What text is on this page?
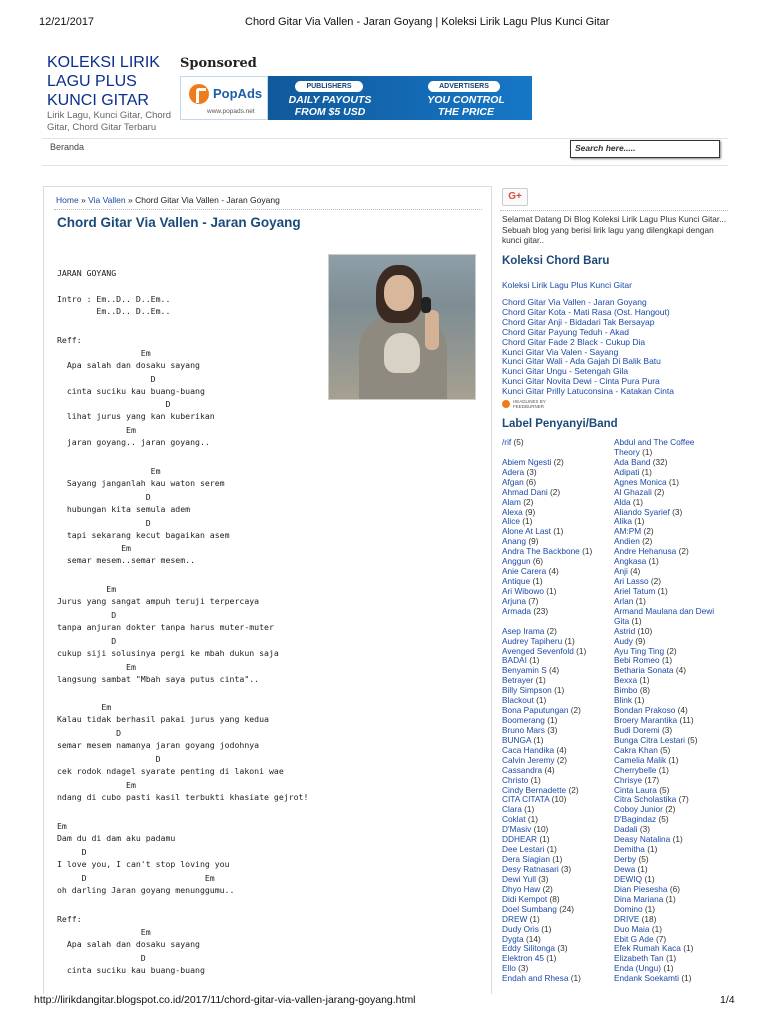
12/21/2017	Chord Gitar Via Vallen - Jaran Goyang | Koleksi Lirik Lagu Plus Kunci Gitar
KOLEKSI LIRIK LAGU PLUS KUNCI GITAR
Lirik Lagu, Kunci Gitar, Chord Gitar, Chord Gitar Terbaru
Sponsored
PopAds
www.popads.net
PUBLISHERS	ADVERTISERS
DAILY PAYOUTS
FROM $5 USD
YOU CONTROL
THE PRICE
Beranda	Search here.....
Home » Via Vallen » Chord Gitar Via Vallen - Jaran Goyang
Chord Gitar Via Vallen - Jaran Goyang
JARAN GOYANG
Intro : Em..D.. D..Em..
Em..D.. D..Em..
Reff:
Em
Apa salah dan dosaku sayang
D
cinta suciku kau buang-buang
D
lihat jurus yang kan kuberikan
Em
jaran goyang.. jaran goyang..
Em
Sayang janganlah kau waton serem
D
hubungan kita semula adem
D
tapi sekarang kecut bagaikan asem
Em
semar mesem..semar mesem..
Em
Jurus yang sangat ampuh teruji terpercaya
D
tanpa anjuran dokter tanpa harus muter-muter
D
cukup siji solusinya pergi ke mbah dukun saja
Em
langsung sambat "Mbah saya putus cinta"..
Em
Kalau tidak berhasil pakai jurus yang kedua
D
semar mesem namanya jaran goyang jodohnya
D
cek rodok ndagel syarate penting di lakoni wae
Em
ndang di cubo pasti kasil terbukti khasiate gejrot!
Em
Dam du di dam aku padamu
D
I love you, I can't stop loving you
D                        Em
oh darling Jaran goyang menunggumu..
Reff:
Em
Apa salah dan dosaku sayang
D
cinta suciku kau buang-buang
G+
Selamat Datang Di Blog Koleksi Lirik Lagu Plus Kunci Gitar... Sebuah blog yang berisi lirik lagu yang dilengkapi dengan kunci gitar..
Koleksi Chord Baru
Koleksi Lirik Lagu Plus Kunci Gitar
Chord Gitar Via Vallen - Jaran Goyang
Chord Gitar Kota - Mati Rasa (Ost. Hangout)
Chord Gitar Anji - Bidadari Tak Bersayap
Chord Gitar Payung Teduh - Akad
Chord Gitar Fade 2 Black - Cukup Dia
Kunci Gitar Via Valen - Sayang
Kunci Gitar Wali - Ada Gajah Di Balik Batu
Kunci Gitar Ungu - Setengah Gila
Kunci Gitar Novita Dewi - Cinta Pura Pura
Kunci Gitar Prilly Latuconsina - Katakan Cinta
HEADLINES BY
FEEDBURNER
Label Penyanyi/Band
/rif (5)
Abiem Ngesti (2)
Adera (3)
Afgan (6)
Ahmad Dani (2)
Alam (2)
Alexa (9)
Alice (1)
Alone At Last (1)
Anang (9)
Andra The Backbone (1)
Anggun (6)
Anie Carera (4)
Antique (1)
Ari Wibowo (1)
Arjuna (7)
Armada (23)
Asep Irama (2)
Audrey Tapiheru (1)
Avenged Sevenfold (1)
BADAI (1)
Benyamin S (4)
Betrayer (1)
Billy Simpson (1)
Blackout (1)
Bona Paputungan (2)
Boomerang (1)
Bruno Mars (3)
BUNGA (1)
Caca Handika (4)
Calvin Jeremy (2)
Cassandra (4)
Christo (1)
Cindy Bernadette (2)
CITA CITATA (10)
Clara (1)
Coklat (1)
D'Masiv (10)
DDHEAR (1)
Dee Lestari (1)
Dera Siagian (1)
Desy Ratnasari (3)
Dewi Yull (3)
Dhyo Haw (2)
Didi Kempot (8)
Doel Sumbang (24)
DREW (1)
Dudy Oris (1)
Dygta (14)
Eddy Silitonga (3)
Elektron 45 (1)
Ello (3)
Endah and Rhesa (1)
Abdul and The Coffee
Theory (1)
Ada Band (32)
Adipati (1)
Agnes Monica (1)
Al Ghazali (2)
Alda (1)
Aliando Syarief (3)
Alika (1)
AM:PM (2)
Andien (2)
Andre Hehanusa (2)
Angkasa (1)
Anji (4)
Ari Lasso (2)
Ariel Tatum (1)
Arlan (1)
Armand Maulana dan Dewi
Gita (1)
Astrid (10)
Audy (9)
Ayu Ting Ting (2)
Bebi Romeo (1)
Betharia Sonata (4)
Bexxa (1)
Bimbo (8)
Blink (1)
Bondan Prakoso (4)
Broery Marantika (11)
Budi Doremi (3)
Bunga Citra Lestari (5)
Cakra Khan (5)
Camelia Malik (1)
Cherrybelle (1)
Chrisye (17)
Cinta Laura (5)
Citra Scholastika (7)
Coboy Junior (2)
D'Bagindaz (5)
Dadali (3)
Deasy Natalina (1)
Demitha (1)
Derby (5)
Dewa (1)
DEWIQ (1)
Dian Piesesha (6)
Dina Mariana (1)
Domino (1)
DRIVE (18)
Duo Maia (1)
Ebit G Ade (7)
Efek Rumah Kaca (1)
Elizabeth Tan (1)
Enda (Ungu) (1)
Endank Soekamti (1)
http://lirikdangitar.blogspot.co.id/2017/11/chord-gitar-via-vallen-jarang-goyang.html	1/4
